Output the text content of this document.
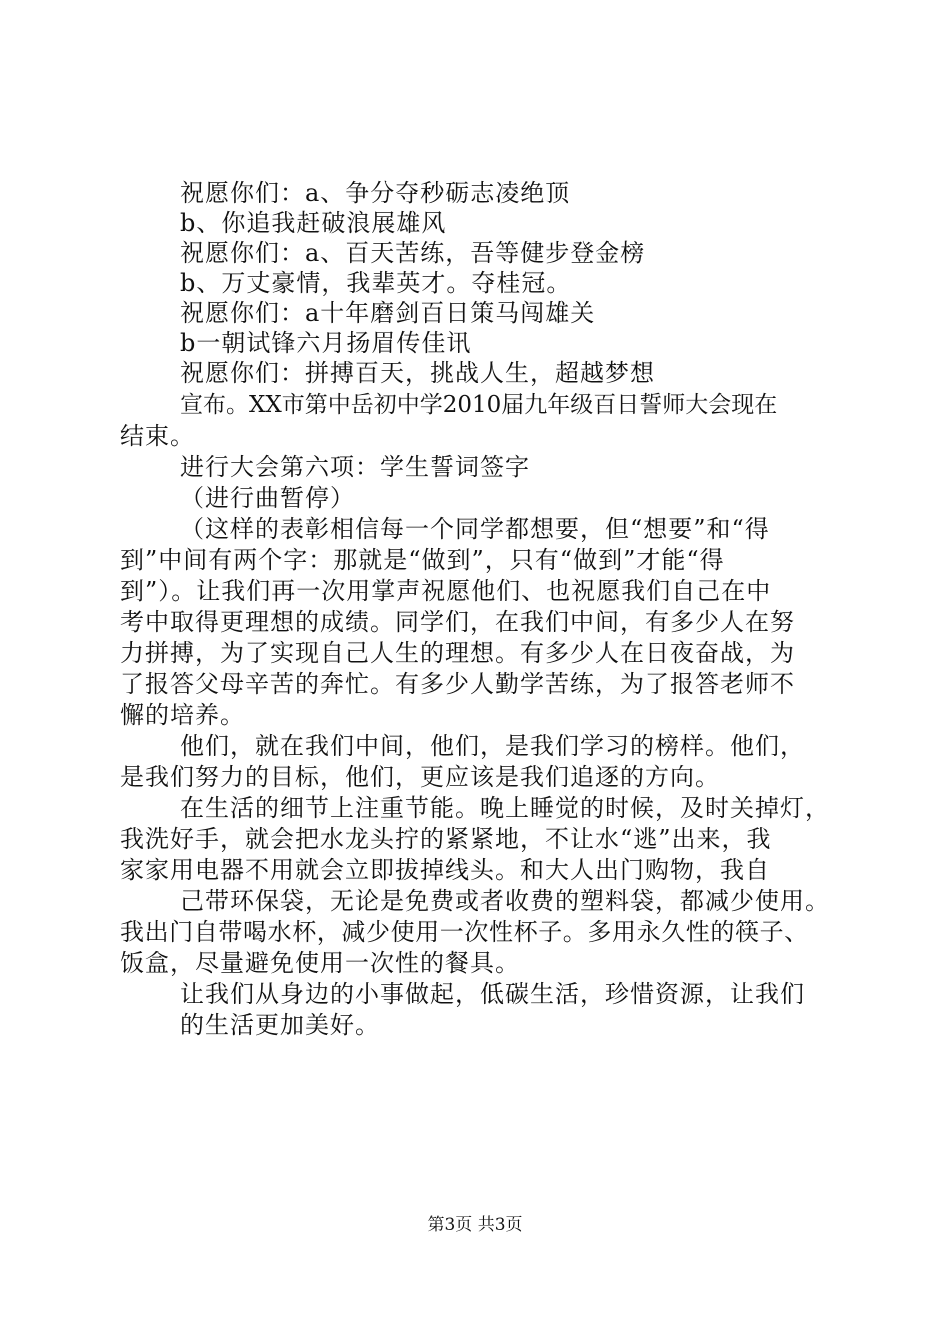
祝愿你们：a、争分夺秒砺志凌绝顶
b、你追我赶破浪展雄风
祝愿你们：a、百天苦练，吾等健步登金榜
b、万丈豪情，我辈英才。夺桂冠。
祝愿你们：a十年磨剑百日策马闯雄关
b一朝试锋六月扬眉传佳讯
祝愿你们：拼搏百天，挑战人生，超越梦想
宣布。XX市第中岳初中学2010届九年级百日誓师大会现在
结束。
进行大会第六项：学生誓词签字
（进行曲暂停）
（这样的表彰相信每一个同学都想要，但“想要”和“得
到”中间有两个字：那就是“做到”，只有“做到”才能“得
到”）。让我们再一次用掌声祝愿他们、也祝愿我们自己在中
考中取得更理想的成绩。同学们，在我们中间，有多少人在努
力拼搏，为了实现自己人生的理想。有多少人在日夜奋战，为
了报答父母辛苦的奔忙。有多少人勤学苦练，为了报答老师不
懈的培养。
他们，就在我们中间，他们，是我们学习的榜样。他们，
是我们努力的目标，他们，更应该是我们追逐的方向。
在生活的细节上注重节能。晚上睡觉的时候，及时关掉灯，
我洗好手，就会把水龙头拧的紧紧地，不让水“逃”出来，我
家家用电器不用就会立即拔掉线头。和大人出门购物，我自
己带环保袋，无论是免费或者收费的塑料袋，都减少使用。
我出门自带喝水杯，减少使用一次性杯子。多用永久性的筷子、
饭盒，尽量避免使用一次性的餐具。
让我们从身边的小事做起，低碳生活，珍惜资源，让我们
的生活更加美好。
第3页 共3页
